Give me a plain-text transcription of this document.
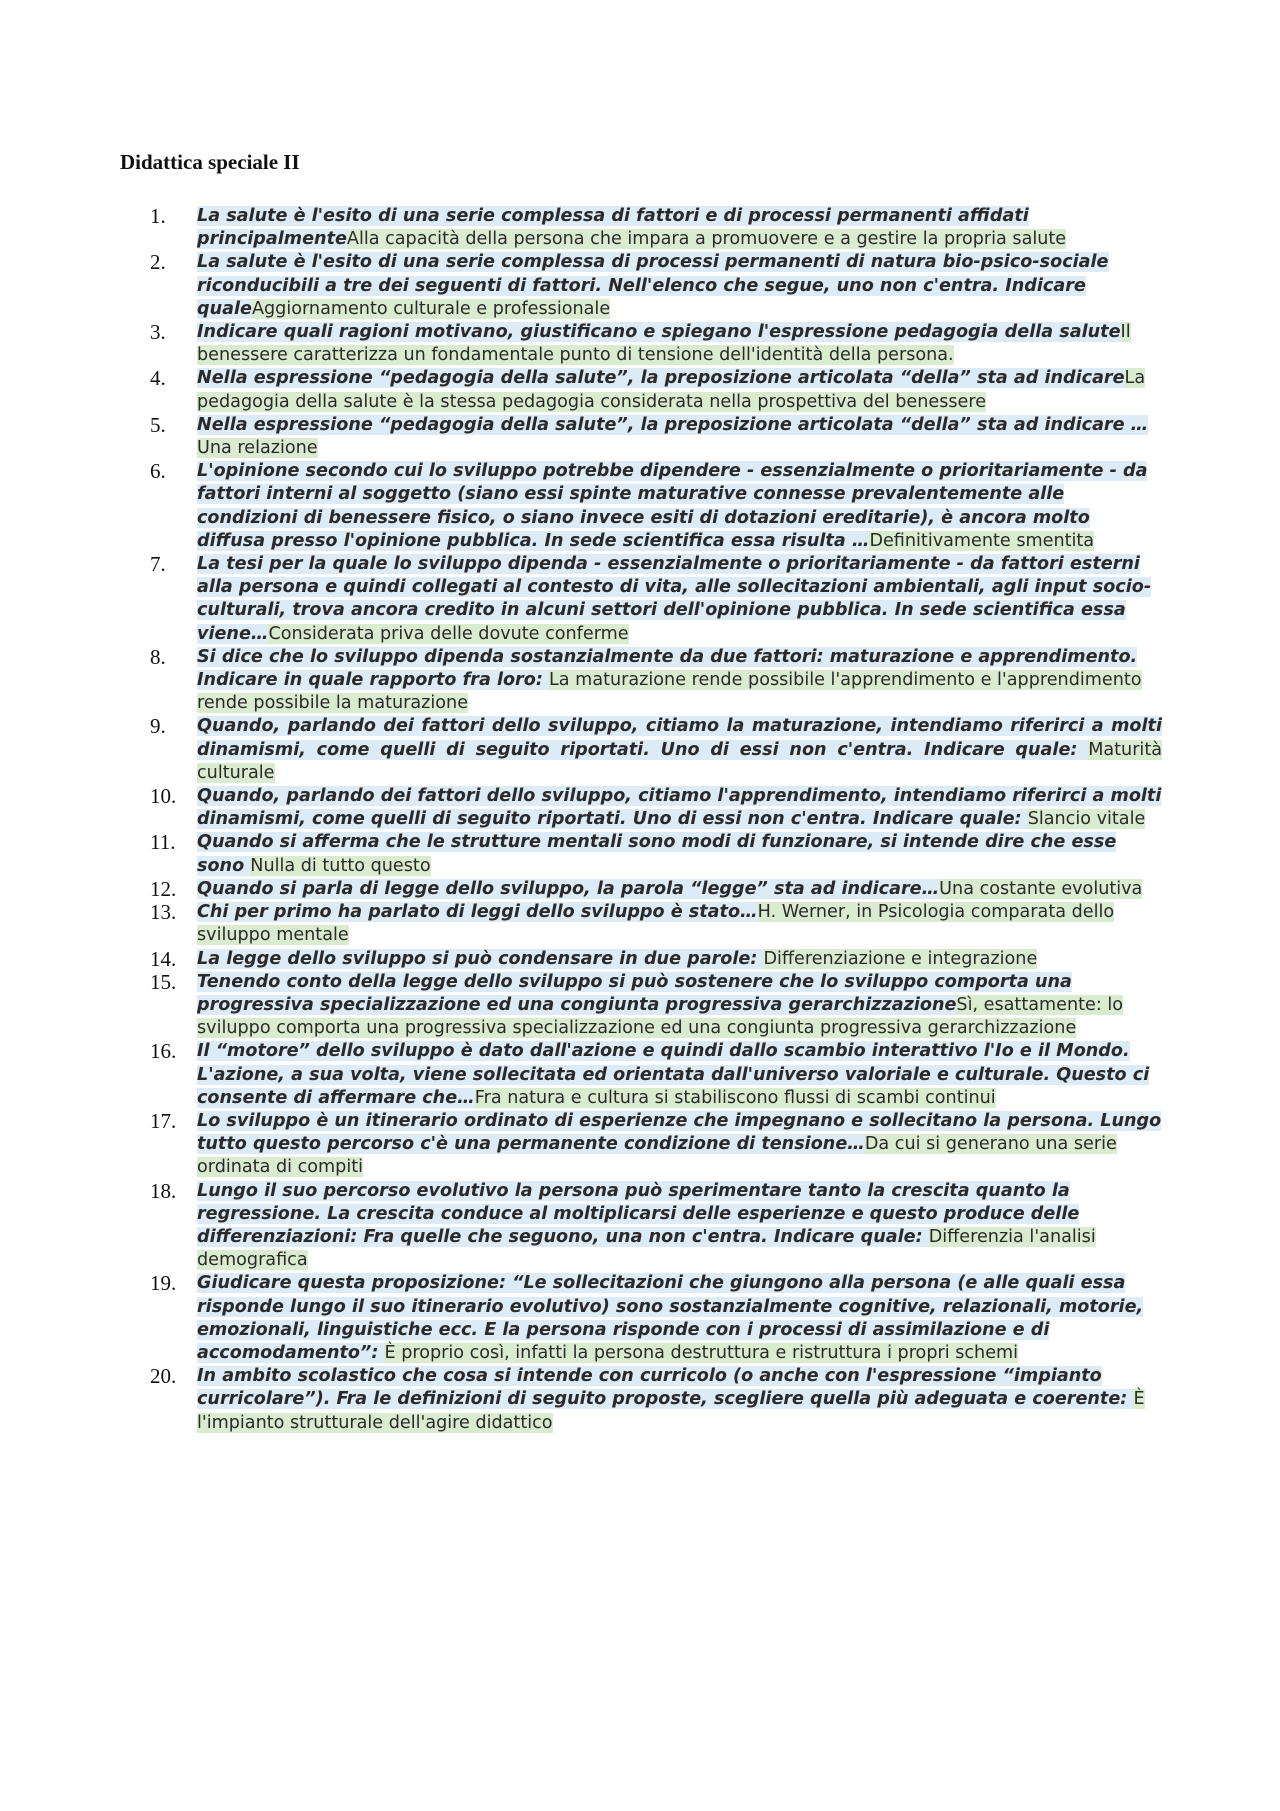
Didattica speciale II
1.	La salute è l'esito di una serie complessa di fattori e di processi permanenti affidati principalmenteAlla capacità della persona che impara a promuovere e a gestire la propria salute

2.	La salute è l'esito di una serie complessa di processi permanenti di natura bio-psico-sociale riconducibili a tre dei seguenti di fattori. Nell'elenco che segue, uno non c'entra. Indicare qualeAggiornamento culturale e professionale

3.	Indicare quali ragioni motivano, giustificano e spiegano l'espressione pedagogia della saluteIl benessere caratterizza un fondamentale punto di tensione dell'identità della persona.

4.	Nella espressione “pedagogia della salute”, la preposizione articolata “della” sta ad indicareLa pedagogia della salute è la stessa pedagogia considerata nella prospettiva del benessere

5.	Nella espressione “pedagogia della salute”, la preposizione articolata “della” sta ad indicare …Una relazione

6.	L'opinione secondo cui lo sviluppo potrebbe dipendere - essenzialmente o prioritariamente - da fattori interni al soggetto (siano essi spinte maturative connesse prevalentemente alle condizioni di benessere fisico, o siano invece esiti di dotazioni ereditarie), è ancora molto diffusa presso l'opinione pubblica. In sede scientifica essa risulta …Definitivamente smentita

7.	La tesi per la quale lo sviluppo dipenda - essenzialmente o prioritariamente - da fattori esterni alla persona e quindi collegati al contesto di vita, alle sollecitazioni ambientali, agli input socio-culturali, trova ancora credito in alcuni settori dell'opinione pubblica. In sede scientifica essa viene…Considerata priva delle dovute conferme

8.	Si dice che lo sviluppo dipenda sostanzialmente da due fattori: maturazione e apprendimento. Indicare in quale rapporto fra loro: La maturazione rende possibile l'apprendimento e l'apprendimento rende possibile la maturazione

9.	Quando, parlando dei fattori dello sviluppo, citiamo la maturazione, intendiamo riferirci a molti dinamismi, come quelli di seguito riportati. Uno di essi non c'entra. Indicare quale: Maturità culturale

10.	Quando, parlando dei fattori dello sviluppo, citiamo l'apprendimento, intendiamo riferirci a molti dinamismi, come quelli di seguito riportati. Uno di essi non c'entra. Indicare quale: Slancio vitale

11.	Quando si afferma che le strutture mentali sono modi di funzionare, si intende dire che esse sono Nulla di tutto questo

12.	Quando si parla di legge dello sviluppo, la parola “legge” sta ad indicare…Una costante evolutiva

13.	Chi per primo ha parlato di leggi dello sviluppo è stato…H. Werner, in Psicologia comparata dello sviluppo mentale

14.	La legge dello sviluppo si può condensare in due parole: Differenziazione e integrazione

15.	Tenendo conto della legge dello sviluppo si può sostenere che lo sviluppo comporta una progressiva specializzazione ed una congiunta progressiva gerarchizzazioneSì, esattamente: lo sviluppo comporta una progressiva specializzazione ed una congiunta progressiva gerarchizzazione

16.	Il “motore” dello sviluppo è dato dall'azione e quindi dallo scambio interattivo l'Io e il Mondo. L'azione, a sua volta, viene sollecitata ed orientata dall'universo valoriale e culturale. Questo ci consente di affermare che…Fra natura e cultura si stabiliscono flussi di scambi continui

17.	Lo sviluppo è un itinerario ordinato di esperienze che impegnano e sollecitano la persona. Lungo tutto questo percorso c'è una permanente condizione di tensione…Da cui si generano una serie ordinata di compiti

18.	Lungo il suo percorso evolutivo la persona può sperimentare tanto la crescita quanto la regressione. La crescita conduce al moltiplicarsi delle esperienze e questo produce delle differenziazioni: Fra quelle che seguono, una non c'entra. Indicare quale: Differenzia l'analisi demografica

19.	Giudicare questa proposizione: “Le sollecitazioni che giungono alla persona (e alle quali essa risponde lungo il suo itinerario evolutivo) sono sostanzialmente cognitive, relazionali, motorie, emozionali, linguistiche ecc. E la persona risponde con i processi di assimilazione e di accomodamento”: È proprio così, infatti la persona destruttura e ristruttura i propri schemi

20.	In ambito scolastico che cosa si intende con curricolo (o anche con l'espressione “impianto curricolare”). Fra le definizioni di seguito proposte, scegliere quella più adeguata e coerente: È l'impianto strutturale dell'agire didattico
